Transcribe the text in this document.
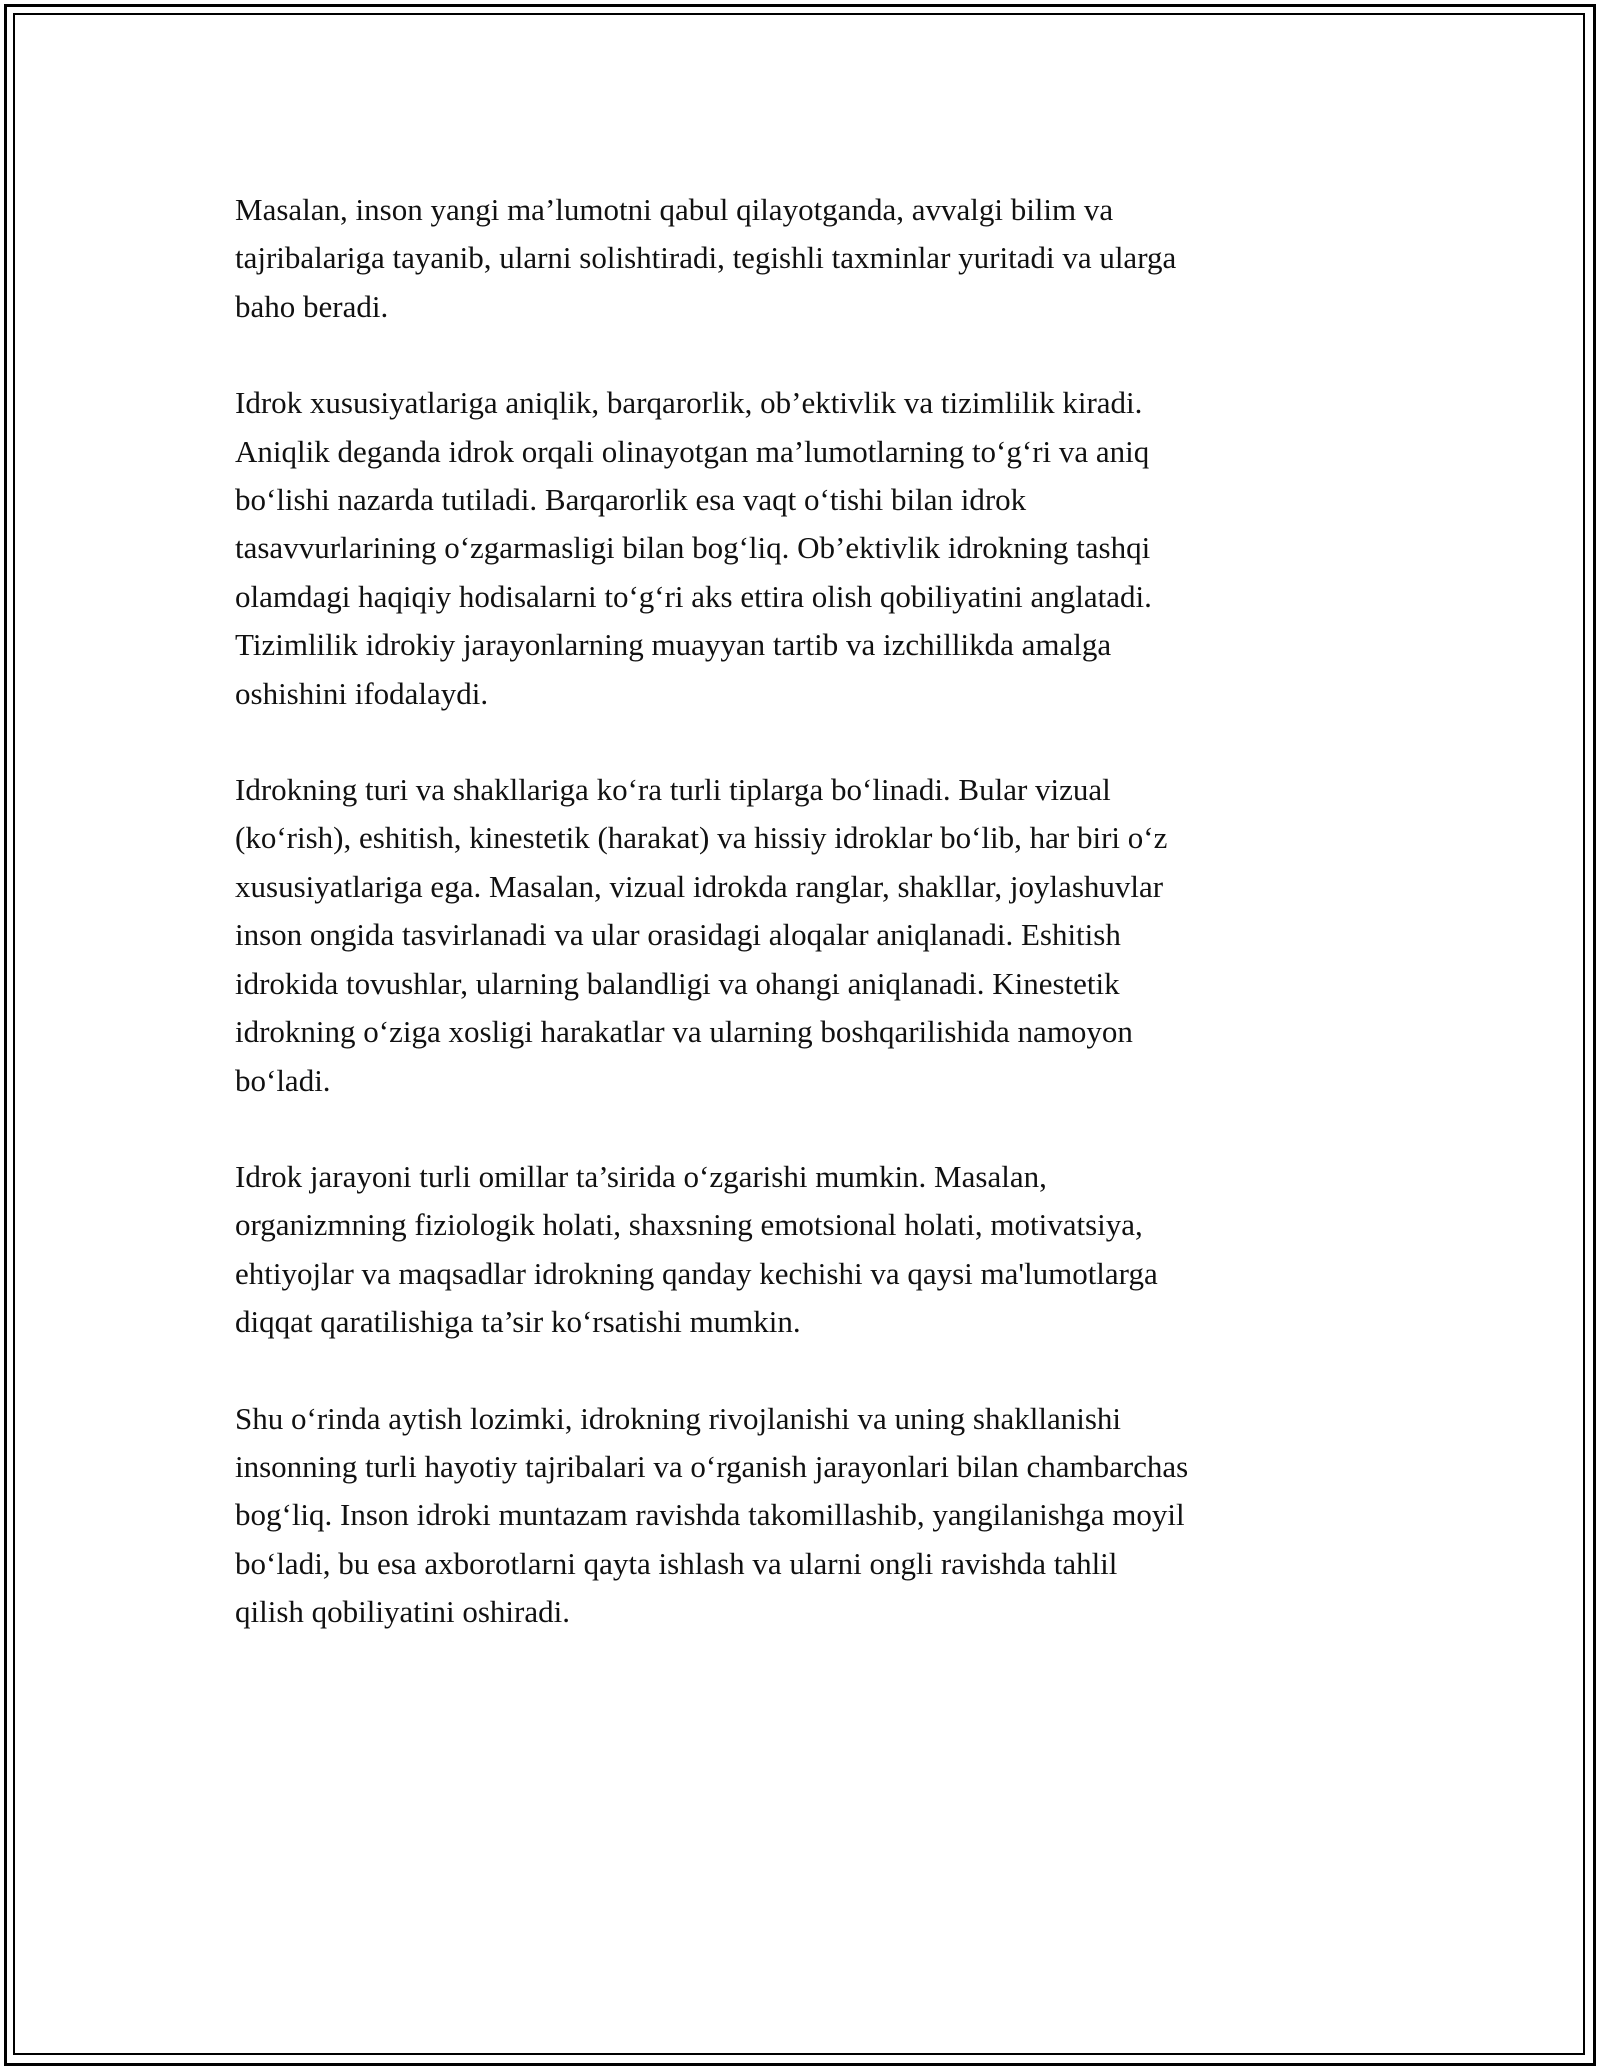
Masalan, inson yangi ma’lumotni qabul qilayotganda, avvalgi bilim va
tajribalariga tayanib, ularni solishtiradi, tegishli taxminlar yuritadi va ularga
baho beradi.

Idrok xususiyatlariga aniqlik, barqarorlik, ob’ektivlik va tizimlilik kiradi.
Aniqlik deganda idrok orqali olinayotgan ma’lumotlarning to‘g‘ri va aniq
bo‘lishi nazarda tutiladi. Barqarorlik esa vaqt o‘tishi bilan idrok
tasavvurlarining o‘zgarmasligi bilan bog‘liq. Ob’ektivlik idrokning tashqi
olamdagi haqiqiy hodisalarni to‘g‘ri aks ettira olish qobiliyatini anglatadi.
Tizimlilik idrokiy jarayonlarning muayyan tartib va izchillikda amalga
oshishini ifodalaydi.

Idrokning turi va shakllariga ko‘ra turli tiplarga bo‘linadi. Bular vizual
(ko‘rish), eshitish, kinestetik (harakat) va hissiy idroklar bo‘lib, har biri o‘z
xususiyatlariga ega. Masalan, vizual idrokda ranglar, shakllar, joylashuvlar
inson ongida tasvirlanadi va ular orasidagi aloqalar aniqlanadi. Eshitish
idrokida tovushlar, ularning balandligi va ohangi aniqlanadi. Kinestetik
idrokning o‘ziga xosligi harakatlar va ularning boshqarilishida namoyon
bo‘ladi.

Idrok jarayoni turli omillar ta’sirida o‘zgarishi mumkin. Masalan,
organizmning fiziologik holati, shaxsning emotsional holati, motivatsiya,
ehtiyojlar va maqsadlar idrokning qanday kechishi va qaysi ma'lumotlarga
diqqat qaratilishiga ta’sir ko‘rsatishi mumkin.

Shu o‘rinda aytish lozimki, idrokning rivojlanishi va uning shakllanishi
insonning turli hayotiy tajribalari va o‘rganish jarayonlari bilan chambarchas
bog‘liq. Inson idroki muntazam ravishda takomillashib, yangilanishga moyil
bo‘ladi, bu esa axborotlarni qayta ishlash va ularni ongli ravishda tahlil
qilish qobiliyatini oshiradi.
